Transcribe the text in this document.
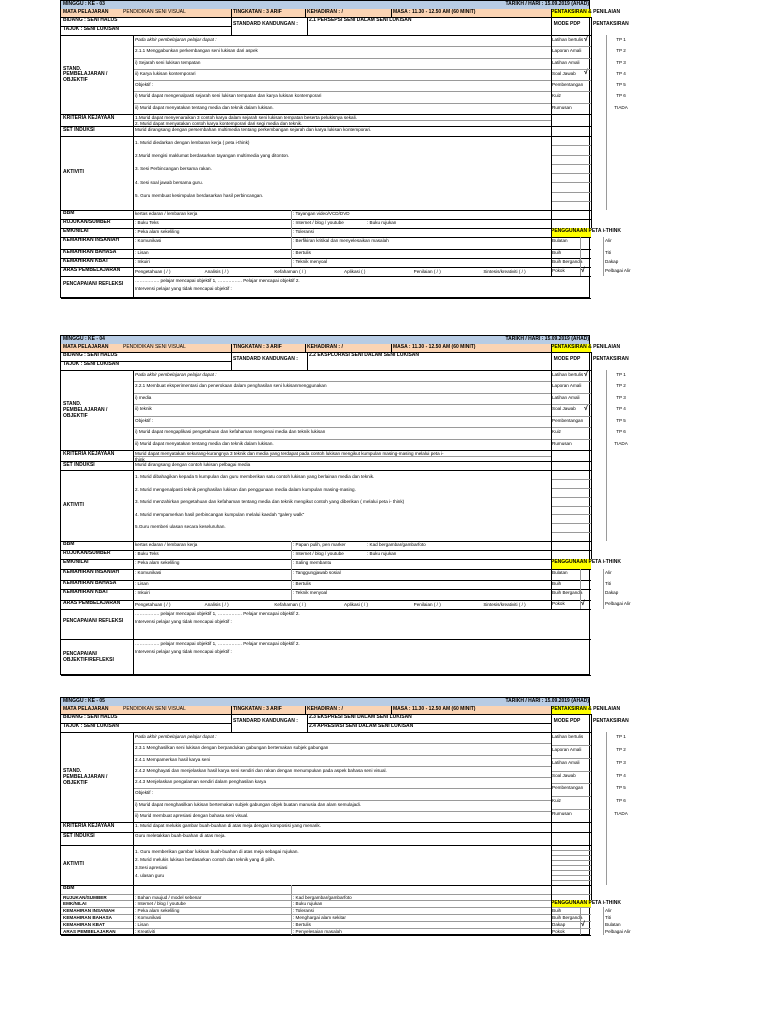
MINGGU : KE - 03	TARIKH / HARI : 15.09.2019 (AHAD)
MATA PELAJARAN	PENDIDIKAN SENI VISUAL	TINGKATAN : 3 ARIF	KEHADIRAN : /	MASA : 11.30 - 12.50 AM (60 MINIT)	PENTAKSIRAN & PENILAIAN
BIDANG : SENI HALUS
TAJUK : SENI LUKISAN
STANDARD KANDUNGAN :
2.1 PERSEPSI SENI DALAM SENI LUKISAN
MODE PDP	PENTAKSIRAN
STAND.
PEMBELAJARAN /
OBJEKTIF
Pada akhir pembelajaran pelajar dapat :
2.1.1 Menggabunkan perkembangan seni lukisan dari aspek
i) Sejarah seni lukisan tempatan
ii) Karya lukisan kontemporari
Objektif :
i) Murid dapat mengenalpasti sejarah seni lukisan tempatan dan karya lukisan kontemporari
ii) Murid dapat menyatakan tentang media dan teknik dalam lukisan.
Latihan bertulis √	TP 1
Laporan Amali	TP 2
Latihan Amali	TP 3
Soal Jawab	√	TP 4
Pembentangan	TP 5
Kuiz	TP 6
Rumusan	TIADA
KRITERIA KEJAYAAN	1.Murid dapat menyenaraikan 3 contoh karya dalam sejarah seni lukisan tempatan beserta pelukisnya sekali.
2. Murid dapat menyatakan contoh karya kontemporari dari segi media dan teknik.
SET INDUKSI	Murid dirangsang dengan persembahan multimedia tentang perkembangan sejarah dan karya lukisan kontemporari.
AKTIVITI
1. Murid diedarkan dengan lembaran kerja ( peta i-think)
2.Murid mengisi maklumat berdasarkan tayangan multimedia yang ditonton.
3. Sesi Perbincangan bersama rakan.
4. Sesi soal jawab bersama guru.
5. Guru membuat kesimpulan berdasarkan hasil perbincangan.
BBM	kertas edaran / lembaran kerja	: Tayangan video/VCD/DVD
RUJUKAN/SUMBER	: Buku Teks	: Internet / blog / youtube	: Buku rujukan
EMK/NILAI	: Peka alam sekeliling	: Toleransi	PENGGUNAAN PETA i-THINK
KEMAHIRAN INSANIAH	: Komunikasi	: Berfikiran kritikal dan menyelesaikan masalah	Bulatan	Alir
KEMAHIRAN BAHASA	: Lisan	: Bertulis	Buih	Titi
KEMAHIRAN KBAT	: Inkuiri	: Teknik menyoal	Buih Berganda	Dakap
ARAS PEMBELAJARAN	Pengetahuan ( / )	Analisis ( / )	Kefahaman ( / )	Aplikasi ( )	Penilaian ( / )	Sintesis/kreativiti ( / )	Pokok	Pelbagai Alir
√
PENCAPAIAN/ REFLEKSI
……………. pelajar mencapai objektif 1, ……………. Pelajar mencapai objektif 2.
Intervensi pelajar yang tidak mencapai objektif :
MINGGU : KE - 04	TARIKH / HARI : 15.09.2019 (AHAD)
MATA PELAJARAN	PENDIDIKAN SENI VISUAL	TINGKATAN : 3 ARIF	KEHADIRAN : /	MASA : 11.30 - 12.50 AM (60 MINIT)	PENTAKSIRAN & PENILAIAN
BIDANG : SENI HALUS
TAJUK : SENI LUKISAN
STANDARD KANDUNGAN :
2.2 EKSPLORASI SENI DALAM SENI LUKISAN
MODE PDP	PENTAKSIRAN
STAND.
PEMBELAJARAN /
OBJEKTIF
Pada akhir pembelajaran pelajar dapat :
2.2.1 Membuat eksperimentasi dan penerokaan dalam penghasilan seni lukisanmenggunakan
i) media
ii) teknik
Objektif :
i) Murid dapat mengaplikasi pengetahuan dan kefahaman mengenai media dan teknik lukisan
ii) Murid dapat menyatakan tentang media dan teknik dalam lukisan.
Latihan bertulis √	TP 1
Laporan Amali	TP 2
Latihan Amali	TP 3
Soal Jawab	√	TP 4
Pembentangan	TP 5
Kuiz	TP 6
Rumusan	TIADA
KRITERIA KEJAYAAN	Murid dapat menyatakan sekurang-kurangnya 3 teknik dan media yang terdapat pada contoh lukisan mengikut kumpulan masing-masing melalui peta i-
think
SET INDUKSI	Murid dirangsang dengan contoh lukisan pelbagai media
AKTIVITI
1. Murid dibahagikan kepada 5 kumpulan dan guru memberikan satu contoh lukisan yang berlainan media dan teknik.
2. Murid mengenalpasti teknik penghasilan lukisan dan penggunaan media dalam kumpulan masing-masing.
3. Murid menzahirkan pengetahuan dan kefahaman tentang media dan teknik mengikut contoh yang diberikan ( melalui peta i- think)
4. Murid mempamerkan hasil perbincangan kumpulan melalui kaedah "galery walk"
5.Guru memberi ulasan secara keseluruhan.
BBM	kertas edaran / lembaran kerja	: Papan pulih, pen marker	: Kad bergambar/gambarfoto
RUJUKAN/SUMBER	: Buku Teks	: Internet / blog / youtube	: Buku rujukan
EMK/NILAI	: Peka alam sekeliling	: Saling membantu	PENGGUNAAN PETA i-THINK
KEMAHIRAN INSANIAH	: Komunikasi	: Tanggungjawab sosial	Bulatan	Alir
KEMAHIRAN BAHASA	: Lisan	: Bertulis	Buih	Titi
KEMAHIRAN KBAT	: Inkuiri	: Teknik menyoal	Buih Berganda	Dakap
ARAS PEMBELAJARAN	Pengetahuan ( / )	Analisis ( / )	Kefahaman ( / )	Aplikasi ( / )	Penilaian ( / )	Sintesis/kreativiti ( / )	Pokok	Pelbagai Alir
√
PENCAPAIAN/ REFLEKSI
……………. pelajar mencapai objektif 1, ……………. Pelajar mencapai objektif 2.
Intervensi pelajar yang tidak mencapai objektif :
PENCAPAIAN/ OBJEKTIF/REFLEKSI
……………. pelajar mencapai objektif 1, ……………. Pelajar mencapai objektif 2.
Intervensi pelajar yang tidak mencapai objektif :
MINGGU : KE - 05	TARIKH / HARI : 15.09.2019 (AHAD)
MATA PELAJARAN	PENDIDIKAN SENI VISUAL	TINGKATAN : 3 ARIF	KEHADIRAN : /	MASA : 11.30 - 12.50 AM (60 MINIT)	PENTAKSIRAN & PENILAIAN
BIDANG : SENI HALUS
TAJUK : SENI LUKISAN
STANDARD KANDUNGAN :
2.3 EKSPRESI SENI DALAM SENI LUKISAN
2.4 APRESIASI SENI DALAM SENI LUKISAN
MODE PDP	PENTAKSIRAN
STAND.
PEMBELAJARAN /
OBJEKTIF
Pada akhir pembelajaran pelajar dapat :
2.3.1 Menghasilkan seni lukisan dengan berpandukan gabungan bertemakan subjek gabungan
2.4.1 Mempamerkan hasil karya seni
2.4.2 Menghayati dan menjelaskan hasil karya seni sendiri dan rakan dengan menumpukan pada aspek bahasa seni visual.
2.4.3 Menjelaskan pengalaman sendiri dalam penghasilan karya
Objektif :
i) Murid dapat menghasilkan lukisan bertemakan subjek gabungan objek buatan manusia dan alam semulajadi.
ii) Murid membuat apresiasi dengan bahasa seni visual.
Latihan bertulis	TP 1
Laporan Amali	TP 2
Latihan Amali	TP 3
Soal Jawab	TP 4
Pembentangan	TP 5
Kuiz	TP 6
Rumusan	TIADA
KRITERIA KEJAYAAN	1. Murid dapat melukis gambar buah-buahan di atas meja dengan komposisi yang menarik.
SET INDUKSI	Guru meletakkan buah-buahan di atas meja.
AKTIVITI
1. Guru memberikan gambar lukisan buah-buahan di atas meja sebagai rujukan.
2. Murid melukis lukisan berdasarkan contoh dan teknik yang di pilih.
3.Sesi apresiasi
4. ulasan guru
BBM
RUJUKAN/SUMBER	: Bahan maujud / model sebenar	: Kad bergambar/gambarfoto
EMK/NILAI	: Internet / blog / youtube	: Buku rujukan	PENGGUNAAN PETA i-THINK
KEMAHIRAN INSANIAH	: Peka alam sekeliling	: Toleransi	Buih	Alir
KEMAHIRAN BAHASA	: Komunikasi	: Menghargai alam sekitar	Buih Berganda	Titi
KEMAHIRAN KBAT	: Lisan	: Bertulis	Dakap	Bulatan
√
ARAS PEMBELAJARAN	: Kreativiti	: Penyelesaian masalah	Pokok	Pelbagai Alir
